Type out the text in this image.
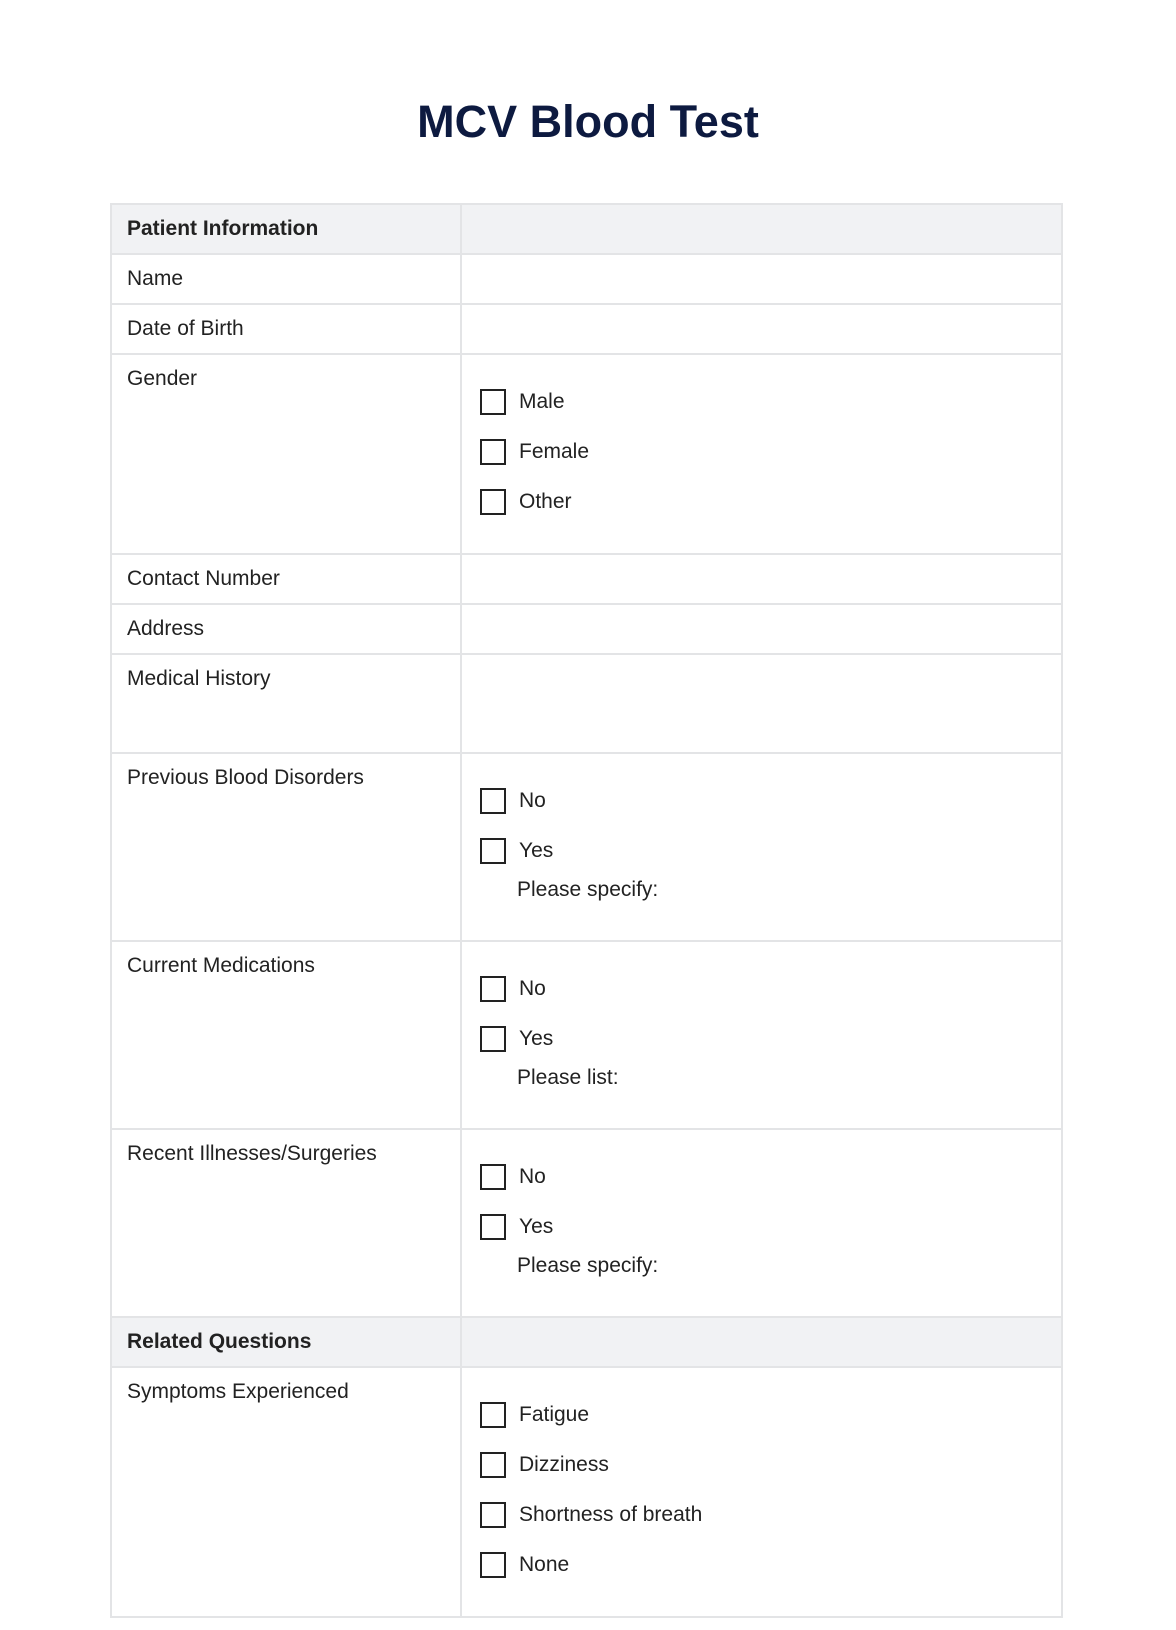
MCV Blood Test
Patient Information	
Name	
Date of Birth	
Gender	Male
Female
Other

Contact Number	
Address	
Medical History	
Previous Blood Disorders	No
Yes
Please specify:

Current Medications	No
Yes
Please list:

Recent Illnesses/Surgeries	No
Yes
Please specify:

Related Questions	
Symptoms Experienced	Fatigue
Dizziness
Shortness of breath
None
